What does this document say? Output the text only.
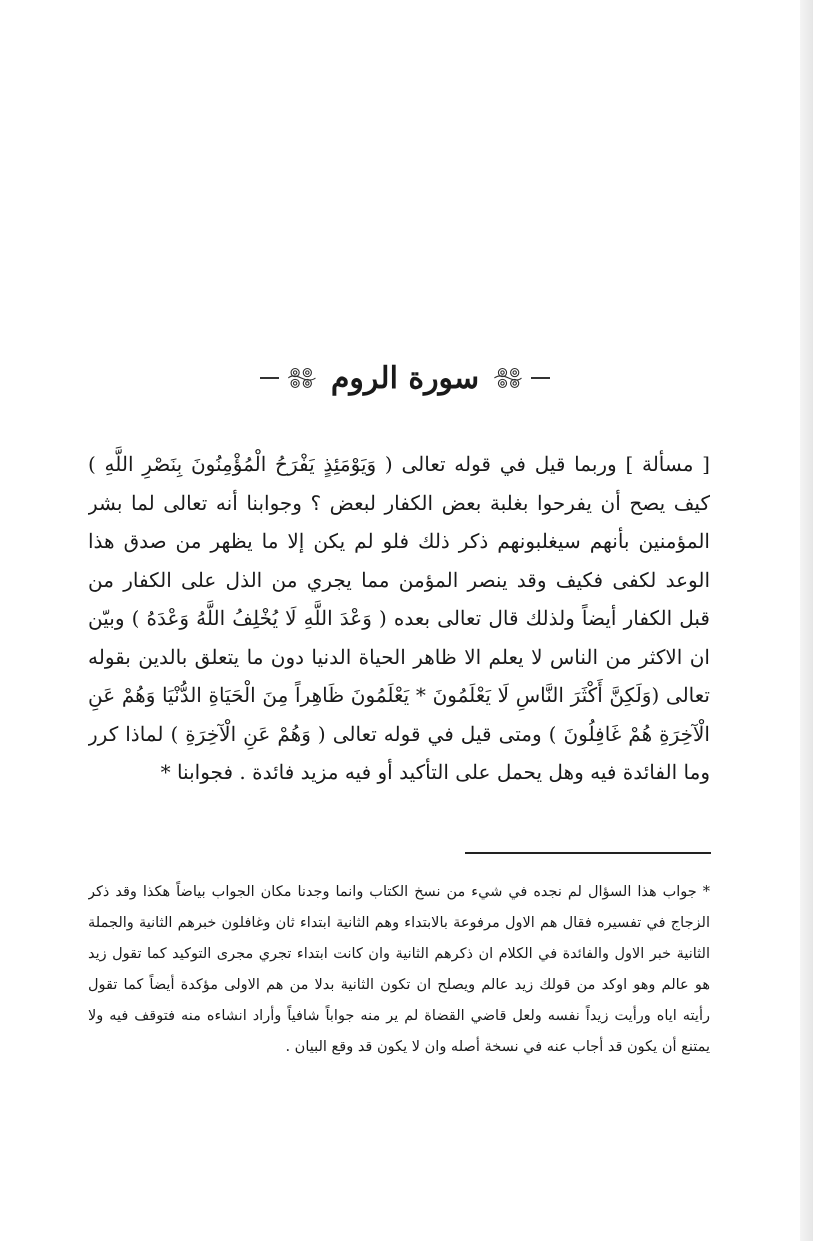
سورة الروم
[ مسألة ] وربما قيل في قوله تعالى ( وَيَوْمَئِذٍ يَفْرَحُ الْمُؤْمِنُونَ بِنَصْرِ اللَّهِ ) كيف يصح أن يفرحوا بغلبة بعض الكفار لبعض ؟ وجوابنا أنه تعالى لما بشر المؤمنين بأنهم سيغلبونهم ذكر ذلك فلو لم يكن إلا ما يظهر من صدق هذا الوعد لكفى فكيف وقد ينصر المؤمن مما يجري من الذل على الكفار من قبل الكفار أيضاً ولذلك قال تعالى بعده ( وَعْدَ اللَّهِ لَا يُخْلِفُ اللَّهُ وَعْدَهُ ) وبيّن ان الاكثر من الناس لا يعلم الا ظاهر الحياة الدنيا دون ما يتعلق بالدين بقوله تعالى (وَلَكِنَّ أَكْثَرَ النَّاسِ لَا يَعْلَمُونَ * يَعْلَمُونَ ظَاهِراً مِنَ الْحَيَاةِ الدُّنْيَا وَهُمْ عَنِ الْآخِرَةِ هُمْ غَافِلُونَ ) ومتى قيل في قوله تعالى ( وَهُمْ عَنِ الْآخِرَةِ ) لماذا كرر وما الفائدة فيه وهل يحمل على التأكيد أو فيه مزيد فائدة . فجوابنا *
* جواب هذا السؤال لم نجده في شيء من نسخ الكتاب وانما وجدنا مكان الجواب بياضاً هكذا وقد ذكر الزجاج في تفسيره فقال هم الاول مرفوعة بالابتداء وهم الثانية ابتداء ثان وغافلون خبرهم الثانية والجملة الثانية خبر الاول والفائدة في الكلام ان ذكرهم الثانية وان كانت ابتداء تجري مجرى التوكيد كما تقول زيد هو عالم وهو اوكد من قولك زيد عالم ويصلح ان تكون الثانية بدلا من هم الاولى مؤكدة أيضاً كما تقول رأيته اياه ورأيت زيداً نفسه ولعل قاضي القضاة لم ير منه جواباً شافياً وأراد انشاءه منه فتوقف فيه ولا يمتنع أن يكون قد أجاب عنه في نسخة أصله وان لا يكون قد وقع البيان .
